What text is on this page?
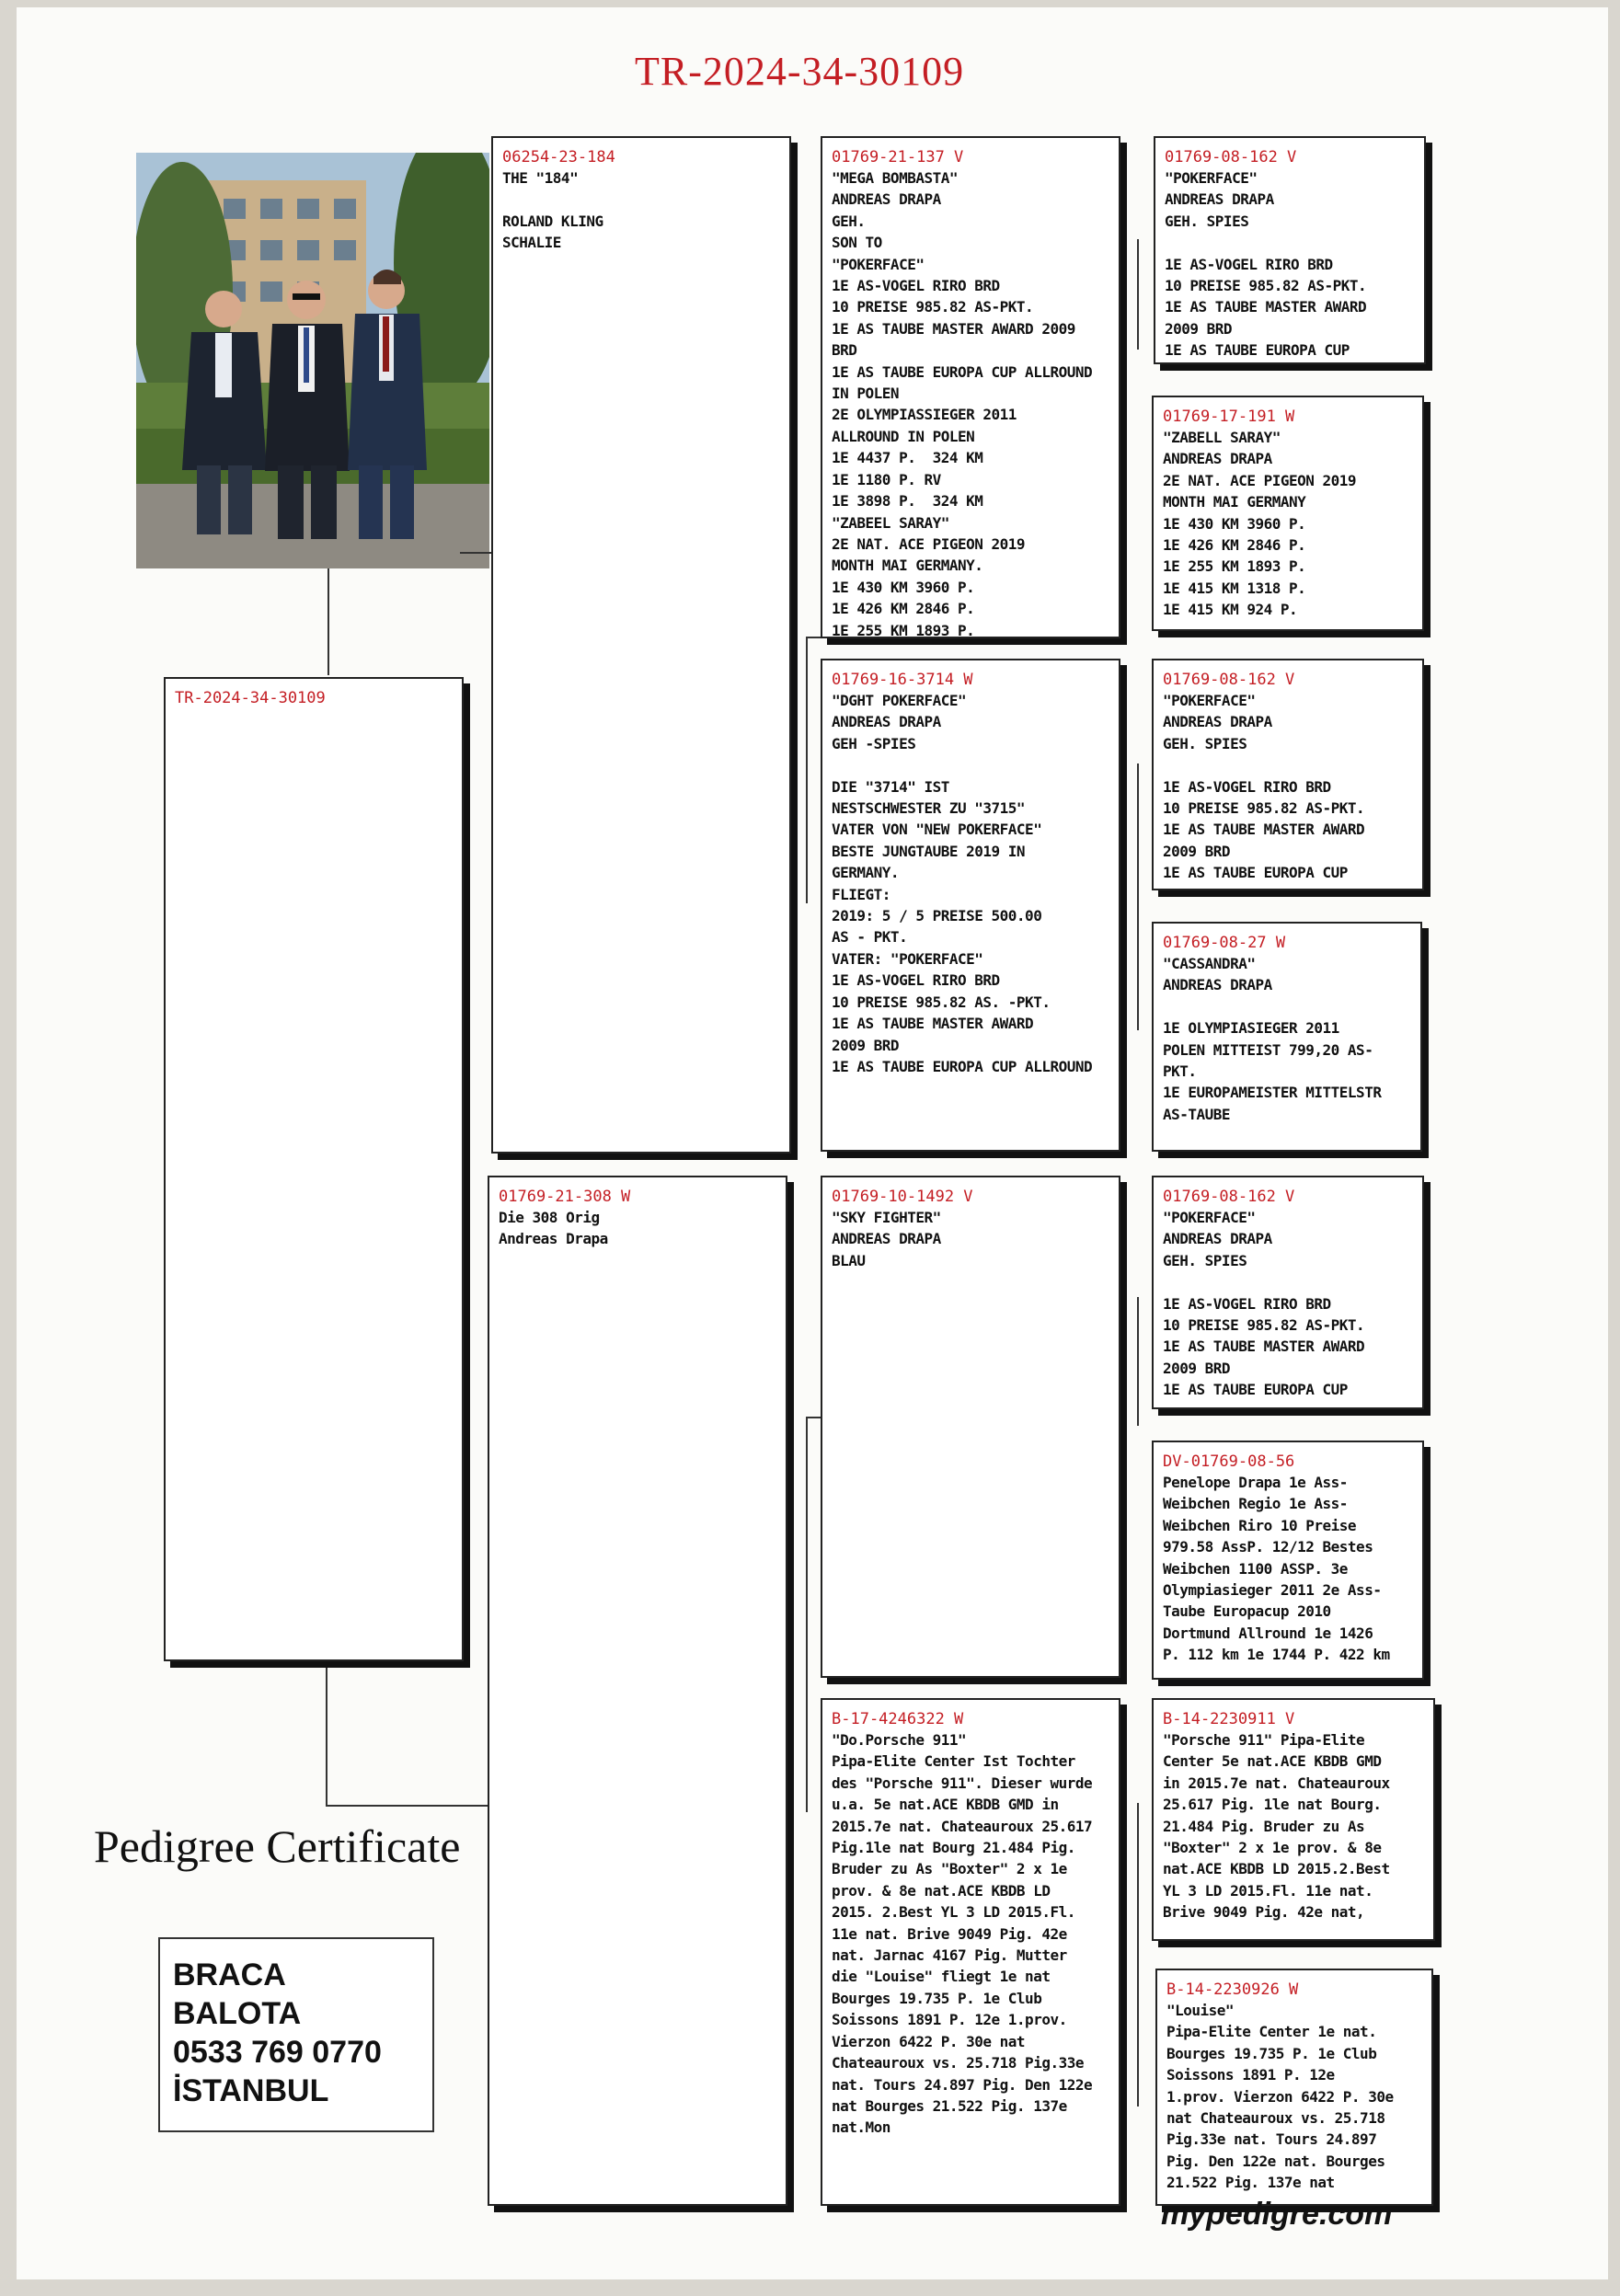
TR-2024-34-30109
TR-2024-34-30109
06254-23-184
THE "184"

ROLAND KLING
SCHALIE
01769-21-308 W
Die 308 Orig
Andreas Drapa
01769-21-137 V
"MEGA BOMBASTA"
ANDREAS DRAPA
GEH.
SON TO
"POKERFACE"
1E AS-VOGEL RIRO BRD
10 PREISE 985.82 AS-PKT.
1E AS TAUBE MASTER AWARD 2009
BRD
1E AS TAUBE EUROPA CUP ALLROUND
IN POLEN
2E OLYMPIASSIEGER 2011
ALLROUND IN POLEN
1E 4437 P.  324 KM
1E 1180 P. RV
1E 3898 P.  324 KM
"ZABEEL SARAY"
2E NAT. ACE PIGEON 2019
MONTH MAI GERMANY.
1E 430 KM 3960 P.
1E 426 KM 2846 P.
1E 255 KM 1893 P.
01769-16-3714 W
"DGHT POKERFACE"
ANDREAS DRAPA
GEH -SPIES

DIE "3714" IST
NESTSCHWESTER ZU "3715"
VATER VON "NEW POKERFACE"
BESTE JUNGTAUBE 2019 IN
GERMANY.
FLIEGT:
2019: 5 / 5 PREISE 500.00
AS - PKT.
VATER: "POKERFACE"
1E AS-VOGEL RIRO BRD
10 PREISE 985.82 AS. -PKT.
1E AS TAUBE MASTER AWARD
2009 BRD
1E AS TAUBE EUROPA CUP ALLROUND
01769-10-1492 V
"SKY FIGHTER"
ANDREAS DRAPA
BLAU
B-17-4246322 W
"Do.Porsche 911"
Pipa-Elite Center Ist Tochter
des "Porsche 911". Dieser wurde
u.a. 5e nat.ACE KBDB GMD in
2015.7e nat. Chateauroux 25.617
Pig.1le nat Bourg 21.484 Pig.
Bruder zu As "Boxter" 2 x 1e
prov. & 8e nat.ACE KBDB LD
2015. 2.Best YL 3 LD 2015.Fl.
11e nat. Brive 9049 Pig. 42e
nat. Jarnac 4167 Pig. Mutter
die "Louise" fliegt 1e nat
Bourges 19.735 P. 1e Club
Soissons 1891 P. 12e 1.prov.
Vierzon 6422 P. 30e nat
Chateauroux vs. 25.718 Pig.33e
nat. Tours 24.897 Pig. Den 122e
nat Bourges 21.522 Pig. 137e
nat.Mon
01769-08-162 V
"POKERFACE"
ANDREAS DRAPA
GEH. SPIES

1E AS-VOGEL RIRO BRD
10 PREISE 985.82 AS-PKT.
1E AS TAUBE MASTER AWARD
2009 BRD
1E AS TAUBE EUROPA CUP
01769-17-191 W
"ZABELL SARAY"
ANDREAS DRAPA
2E NAT. ACE PIGEON 2019
MONTH MAI GERMANY
1E 430 KM 3960 P.
1E 426 KM 2846 P.
1E 255 KM 1893 P.
1E 415 KM 1318 P.
1E 415 KM 924 P.
01769-08-162 V
"POKERFACE"
ANDREAS DRAPA
GEH. SPIES

1E AS-VOGEL RIRO BRD
10 PREISE 985.82 AS-PKT.
1E AS TAUBE MASTER AWARD
2009 BRD
1E AS TAUBE EUROPA CUP
01769-08-27 W
"CASSANDRA"
ANDREAS DRAPA

1E OLYMPIASIEGER 2011
POLEN MITTEIST 799,20 AS-
PKT.
1E EUROPAMEISTER MITTELSTR
AS-TAUBE
01769-08-162 V
"POKERFACE"
ANDREAS DRAPA
GEH. SPIES

1E AS-VOGEL RIRO BRD
10 PREISE 985.82 AS-PKT.
1E AS TAUBE MASTER AWARD
2009 BRD
1E AS TAUBE EUROPA CUP
DV-01769-08-56
Penelope Drapa 1e Ass-
Weibchen Regio 1e Ass-
Weibchen Riro 10 Preise
979.58 AssP. 12/12 Bestes
Weibchen 1100 ASSP. 3e
Olympiasieger 2011 2e Ass-
Taube Europacup 2010
Dortmund Allround 1e 1426
P. 112 km 1e 1744 P. 422 km
B-14-2230911 V
"Porsche 911" Pipa-Elite
Center 5e nat.ACE KBDB GMD
in 2015.7e nat. Chateauroux
25.617 Pig. 1le nat Bourg.
21.484 Pig. Bruder zu As
"Boxter" 2 x 1e prov. & 8e
nat.ACE KBDB LD 2015.2.Best
YL 3 LD 2015.Fl. 11e nat.
Brive 9049 Pig. 42e nat,
B-14-2230926 W
"Louise"
Pipa-Elite Center 1e nat.
Bourges 19.735 P. 1e Club
Soissons 1891 P. 12e
1.prov. Vierzon 6422 P. 30e
nat Chateauroux vs. 25.718
Pig.33e nat. Tours 24.897
Pig. Den 122e nat. Bourges
21.522 Pig. 137e nat
Pedigree Certificate
BRACA BALOTA
0533 769 0770
İSTANBUL
mypedigre.com
